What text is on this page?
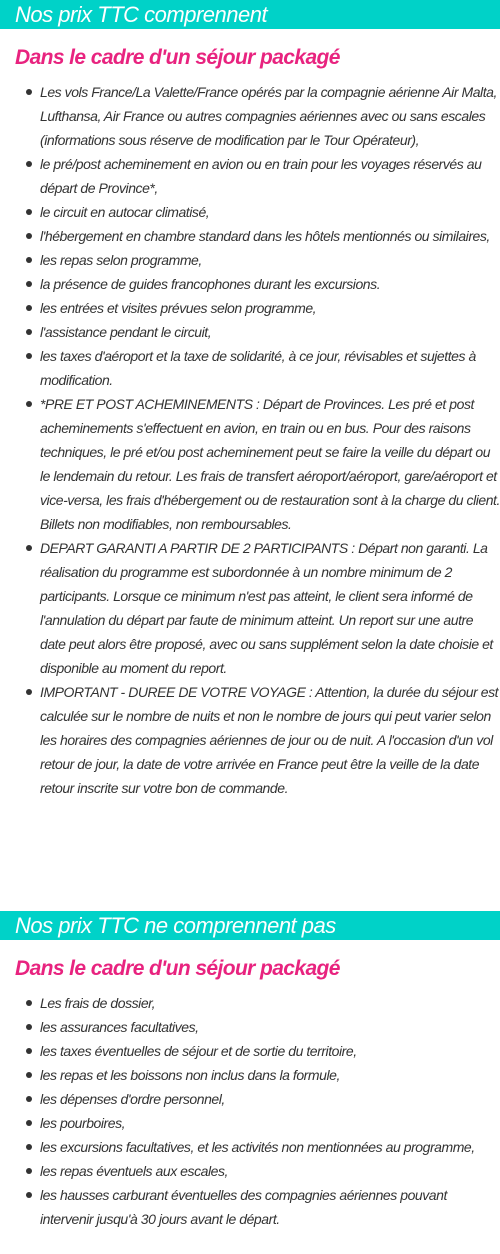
Nos prix TTC comprennent
Dans le cadre d'un séjour packagé
Les vols France/La Valette/France opérés par la compagnie aérienne Air Malta, Lufthansa, Air France ou autres compagnies aériennes avec ou sans escales (informations sous réserve de modification par le Tour Opérateur),
le pré/post acheminement en avion ou en train pour les voyages réservés au départ de Province*,
le circuit en autocar climatisé,
l'hébergement en chambre standard dans les hôtels mentionnés ou similaires,
les repas selon programme,
la présence de guides francophones durant les excursions.
les entrées et visites prévues selon programme,
l'assistance pendant le circuit,
les taxes d'aéroport et la taxe de solidarité, à ce jour, révisables et sujettes à modification.
*PRE ET POST ACHEMINEMENTS : Départ de Provinces. Les pré et post acheminements s'effectuent en avion, en train ou en bus. Pour des raisons techniques, le pré et/ou post acheminement peut se faire la veille du départ ou le lendemain du retour. Les frais de transfert aéroport/aéroport, gare/aéroport et vice-versa, les frais d'hébergement ou de restauration sont à la charge du client. Billets non modifiables, non remboursables.
DEPART GARANTI A PARTIR DE 2 PARTICIPANTS : Départ non garanti. La réalisation du programme est subordonnée à un nombre minimum de 2 participants. Lorsque ce minimum n'est pas atteint, le client sera informé de l'annulation du départ par faute de minimum atteint. Un report sur une autre date peut alors être proposé, avec ou sans supplément selon la date choisie et disponible au moment du report.
IMPORTANT - DUREE DE VOTRE VOYAGE : Attention, la durée du séjour est calculée sur le nombre de nuits et non le nombre de jours qui peut varier selon les horaires des compagnies aériennes de jour ou de nuit. A l'occasion d'un vol retour de jour, la date de votre arrivée en France peut être la veille de la date retour inscrite sur votre bon de commande.
Nos prix TTC ne comprennent pas
Dans le cadre d'un séjour packagé
Les frais de dossier,
les assurances facultatives,
les taxes éventuelles de séjour et de sortie du territoire,
les repas et les boissons non inclus dans la formule,
les dépenses d'ordre personnel,
les pourboires,
les excursions facultatives, et les activités non mentionnées au programme,
les repas éventuels aux escales,
les hausses carburant éventuelles des compagnies aériennes pouvant intervenir jusqu'à 30 jours avant le départ.
